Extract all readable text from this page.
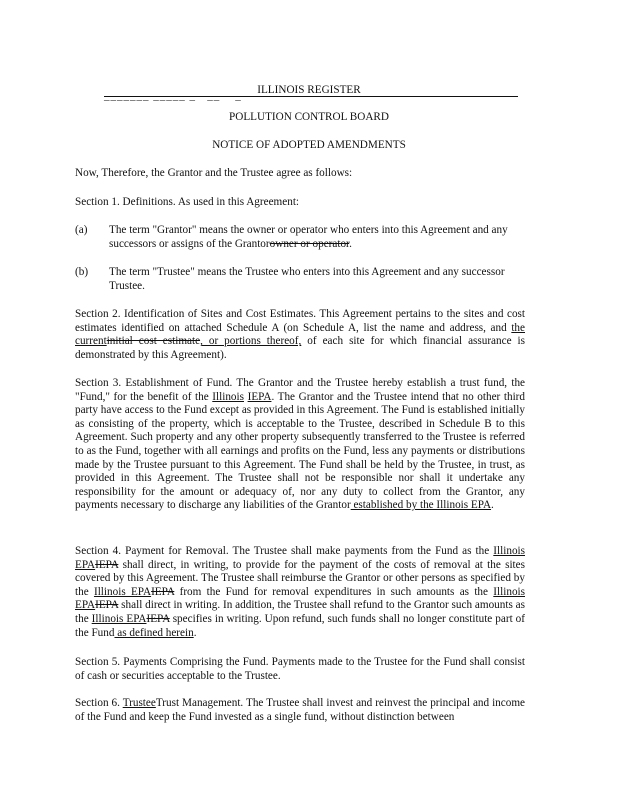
_______ _____ _   __    _	ILLINOIS REGISTER
POLLUTION CONTROL BOARD
NOTICE OF ADOPTED AMENDMENTS
Now, Therefore, the Grantor and the Trustee agree as follows:
Section 1. Definitions. As used in this Agreement:
(a) The term "Grantor" means the owner or operator who enters into this Agreement and any successors or assigns of the Grantorowner or operator.
(b) The term "Trustee" means the Trustee who enters into this Agreement and any successor Trustee.
Section 2. Identification of Sites and Cost Estimates. This Agreement pertains to the sites and cost estimates identified on attached Schedule A (on Schedule A, list the name and address, and the currentinitial cost estimate, or portions thereof, of each site for which financial assurance is demonstrated by this Agreement).
Section 3. Establishment of Fund. The Grantor and the Trustee hereby establish a trust fund, the "Fund," for the benefit of the Illinois IEPA. The Grantor and the Trustee intend that no other third party have access to the Fund except as provided in this Agreement. The Fund is established initially as consisting of the property, which is acceptable to the Trustee, described in Schedule B to this Agreement. Such property and any other property subsequently transferred to the Trustee is referred to as the Fund, together with all earnings and profits on the Fund, less any payments or distributions made by the Trustee pursuant to this Agreement. The Fund shall be held by the Trustee, in trust, as provided in this Agreement. The Trustee shall not be responsible nor shall it undertake any responsibility for the amount or adequacy of, nor any duty to collect from the Grantor, any payments necessary to discharge any liabilities of the Grantor established by the Illinois EPA.
Section 4. Payment for Removal. The Trustee shall make payments from the Fund as the Illinois EPAIEPA shall direct, in writing, to provide for the payment of the costs of removal at the sites covered by this Agreement. The Trustee shall reimburse the Grantor or other persons as specified by the Illinois EPAIEPA from the Fund for removal expenditures in such amounts as the Illinois EPAIEPA shall direct in writing. In addition, the Trustee shall refund to the Grantor such amounts as the Illinois EPAIEPA specifies in writing. Upon refund, such funds shall no longer constitute part of the Fund as defined herein.
Section 5. Payments Comprising the Fund. Payments made to the Trustee for the Fund shall consist of cash or securities acceptable to the Trustee.
Section 6. TrusteeTrust Management. The Trustee shall invest and reinvest the principal and income of the Fund and keep the Fund invested as a single fund, without distinction between
